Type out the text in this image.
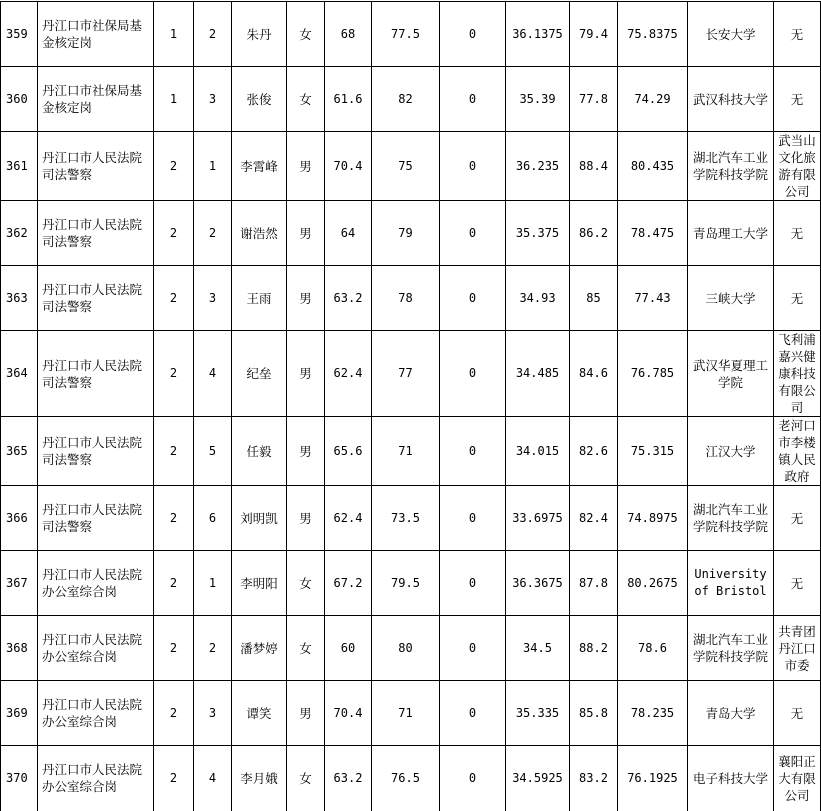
359	丹江口市社保局基金核定岗	1	2	朱丹	女	68	77.5	0	36.1375	79.4	75.8375	长安大学	无
360	丹江口市社保局基金核定岗	1	3	张俊	女	61.6	82	0	35.39	77.8	74.29	武汉科技大学	无
361	丹江口市人民法院司法警察	2	1	李霄峰	男	70.4	75	0	36.235	88.4	80.435	湖北汽车工业学院科技学院	武当山文化旅游有限公司
362	丹江口市人民法院司法警察	2	2	谢浩然	男	64	79	0	35.375	86.2	78.475	青岛理工大学	无
363	丹江口市人民法院司法警察	2	3	王雨	男	63.2	78	0	34.93	85	77.43	三峡大学	无
364	丹江口市人民法院司法警察	2	4	纪垒	男	62.4	77	0	34.485	84.6	76.785	武汉华夏理工学院	飞利浦嘉兴健康科技有限公司
365	丹江口市人民法院司法警察	2	5	任毅	男	65.6	71	0	34.015	82.6	75.315	江汉大学	老河口市李楼镇人民政府
366	丹江口市人民法院司法警察	2	6	刘明凯	男	62.4	73.5	0	33.6975	82.4	74.8975	湖北汽车工业学院科技学院	无
367	丹江口市人民法院办公室综合岗	2	1	李明阳	女	67.2	79.5	0	36.3675	87.8	80.2675	University of Bristol	无
368	丹江口市人民法院办公室综合岗	2	2	潘梦婷	女	60	80	0	34.5	88.2	78.6	湖北汽车工业学院科技学院	共青团丹江口市委
369	丹江口市人民法院办公室综合岗	2	3	谭笑	男	70.4	71	0	35.335	85.8	78.235	青岛大学	无
370	丹江口市人民法院办公室综合岗	2	4	李月娥	女	63.2	76.5	0	34.5925	83.2	76.1925	电子科技大学	襄阳正大有限公司
